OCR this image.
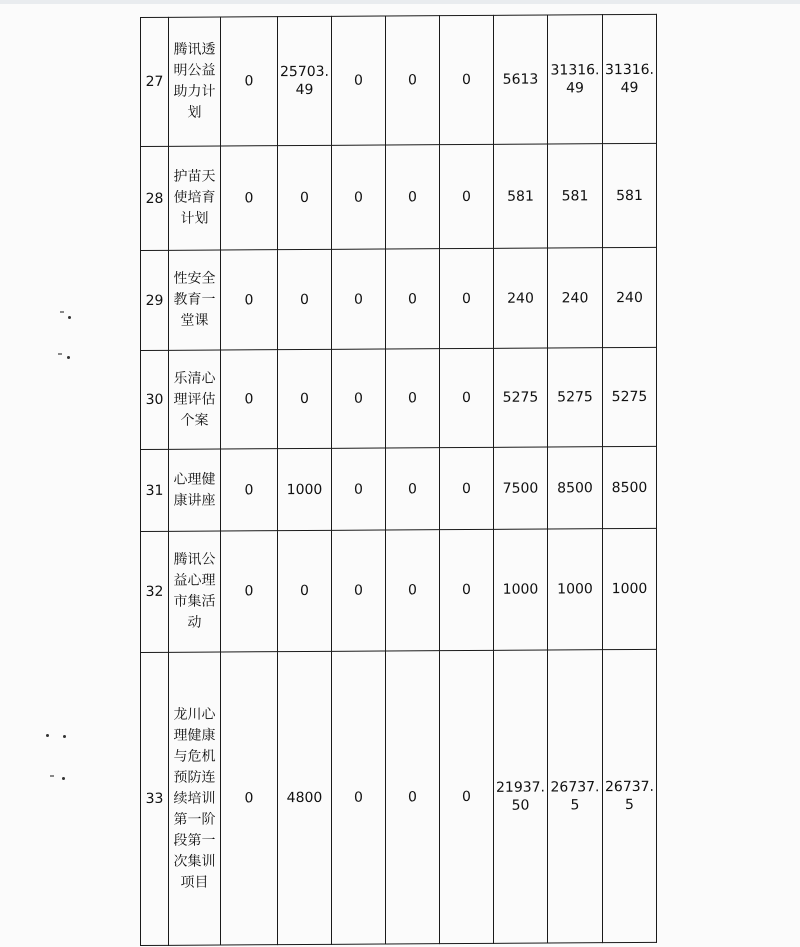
27	腾讯透明公益助力计划	0	25703.49	0	0	0	5613	31316.49	31316.49
28	护苗天使培育计划	0	0	0	0	0	581	581	581
29	性安全教育一堂课	0	0	0	0	0	240	240	240
30	乐清心理评估个案	0	0	0	0	0	5275	5275	5275
31	心理健康讲座	0	1000	0	0	0	7500	8500	8500
32	腾讯公益心理市集活动	0	0	0	0	0	1000	1000	1000
33	龙川心理健康与危机预防连续培训第一阶段第一次集训项目	0	4800	0	0	0	21937.50	26737.5	26737.5
